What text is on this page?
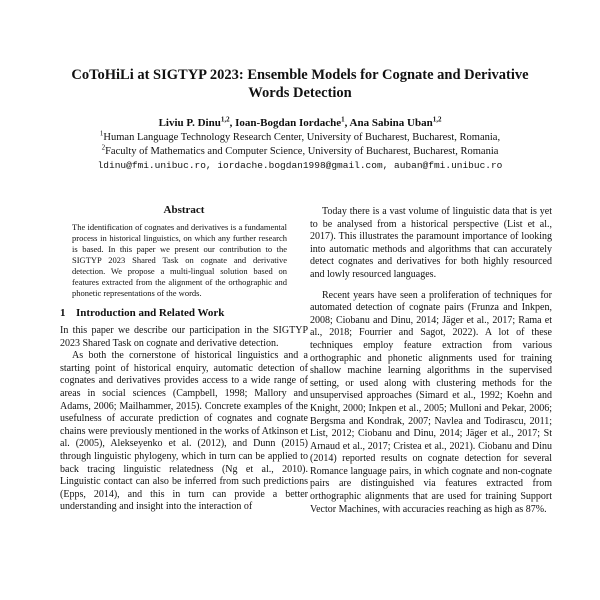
CoToHiLi at SIGTYP 2023: Ensemble Models for Cognate and Derivative
Words Detection
Liviu P. Dinu$^{1,2}$, Ioan-Bogdan Iordache$^1$, Ana Sabina Uban$^{1,2}$
$^1$Human Language Technology Research Center, University of Bucharest, Bucharest, Romania,
$^2$Faculty of Mathematics and Computer Science, University of Bucharest, Bucharest, Romania
ldinu@fmi.unibuc.ro, iordache.bogdan1998@gmail.com, auban@fmi.unibuc.ro
Abstract

The identification of cognates and derivatives is a fundamental process in historical linguistics, on which any further research is based. In this paper we present our contribution to the SIGTYP 2023 Shared Task on cognate and derivative detection. We propose a multi-lingual solution based on features extracted from the alignment of the orthographic and phonetic representations of the words.

1 Introduction and Related Work

In this paper we describe our participation in the SIGTYP 2023 Shared Task on cognate and derivative detection.

As both the cornerstone of historical linguistics and a starting point of historical enquiry, automatic detection of cognates and derivatives provides access to a wide range of areas in social sciences (Campbell, 1998; Mallory and Adams, 2006; Mailhammer, 2015). Concrete examples of the usefulness of accurate prediction of cognates and cognate chains were previously mentioned in the works of Atkinson et al. (2005), Alekseyenko et al. (2012), and Dunn (2015) through linguistic phylogeny, which in turn can be applied to back tracing linguistic relatedness (Ng et al., 2010). Linguistic contact can also be inferred from such predictions (Epps, 2014), and this in turn can provide a better understanding and insight into the interaction of

Today there is a vast volume of linguistic data that is yet to be analysed from a historical perspective (List et al., 2017). This illustrates the paramount importance of looking into automatic methods and algorithms that can accurately detect cognates and derivatives for both highly resourced and lowly resourced languages.

Recent years have seen a proliferation of techniques for automated detection of cognate pairs (Frunza and Inkpen, 2008; Ciobanu and Dinu, 2014; Jäger et al., 2017; Rama et al., 2018; Fourrier and Sagot, 2022). A lot of these techniques employ feature extraction from various orthographic and phonetic alignments used for training shallow machine learning algorithms in the supervised setting, or used along with clustering methods for the unsupervised approaches (Simard et al., 1992; Koehn and Knight, 2000; Inkpen et al., 2005; Mulloni and Pekar, 2006; Bergsma and Kondrak, 2007; Navlea and Todirascu, 2011; List, 2012; Ciobanu and Dinu, 2014; Jäger et al., 2017; St Arnaud et al., 2017; Cristea et al., 2021). Ciobanu and Dinu (2014) reported results on cognate detection for several Romance language pairs, in which cognate and non-cognate pairs are distinguished via features extracted from orthographic alignments that are used for training Support Vector Machines, with accuracies reaching as high as 87%.
